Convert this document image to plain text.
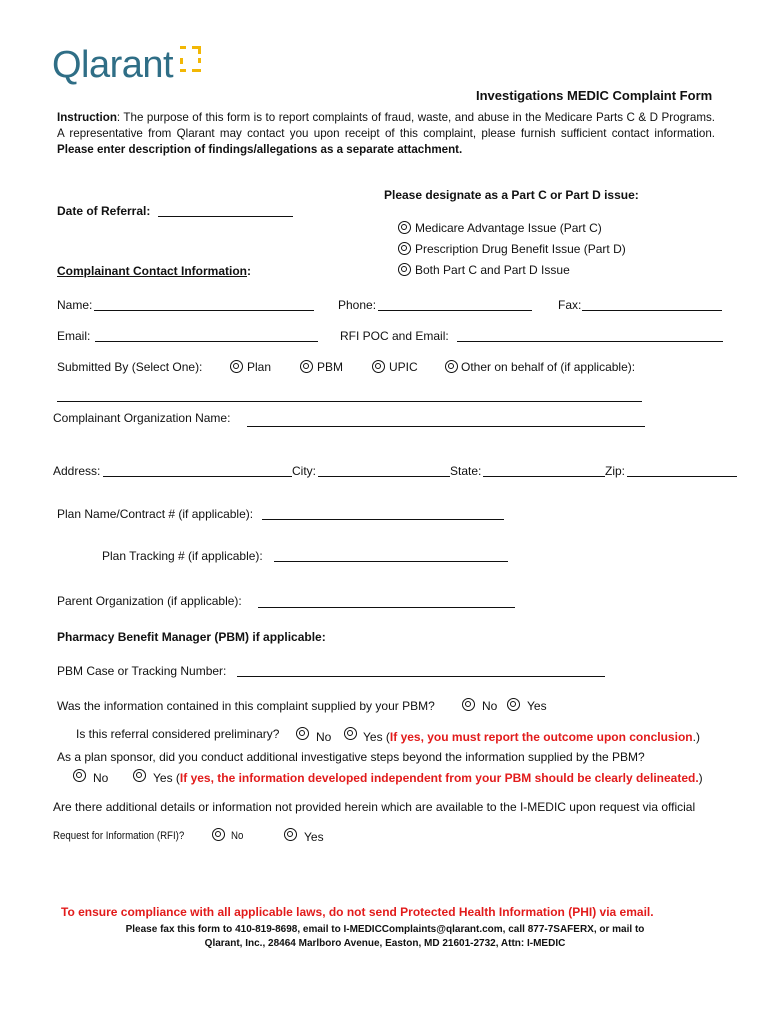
Qlarant
Investigations MEDIC Complaint Form
Instruction: The purpose of this form is to report complaints of fraud, waste, and abuse in the Medicare Parts C & D Programs. A representative from Qlarant may contact you upon receipt of this complaint, please furnish sufficient contact information. Please enter description of findings/allegations as a separate attachment.
Please designate as a Part C or Part D issue:
Medicare Advantage Issue (Part C)
Prescription Drug Benefit Issue (Part D)
Both Part C and Part D Issue
Date of Referral:
Complainant Contact Information:
Name:	Phone:	Fax:
Email:	RFI POC and Email:
Submitted By (Select One):	Plan	PBM	UPIC	Other on behalf of (if applicable):
Complainant Organization Name:
Address:	City:	State:	Zip:
Plan Name/Contract # (if applicable):
Plan Tracking # (if applicable):
Parent Organization (if applicable):
Pharmacy Benefit Manager (PBM) if applicable:
PBM Case or Tracking Number:
Was the information contained in this complaint supplied by your PBM?	No Yes
Is this referral considered preliminary?	No	Yes (If yes, you must report the outcome upon conclusion.)
As a plan sponsor, did you conduct additional investigative steps beyond the information supplied by the PBM?
No	Yes (If yes, the information developed independent from your PBM should be clearly delineated.)
Are there additional details or information not provided herein which are available to the I-MEDIC upon request via official
Request for Information (RFI)?	No	Yes
To ensure compliance with all applicable laws, do not send Protected Health Information (PHI) via email.
Please fax this form to 410-819-8698, email to I-MEDICComplaints@qlarant.com, call 877-7SAFERX, or mail to
Qlarant, Inc., 28464 Marlboro Avenue, Easton, MD 21601-2732, Attn: I-MEDIC
